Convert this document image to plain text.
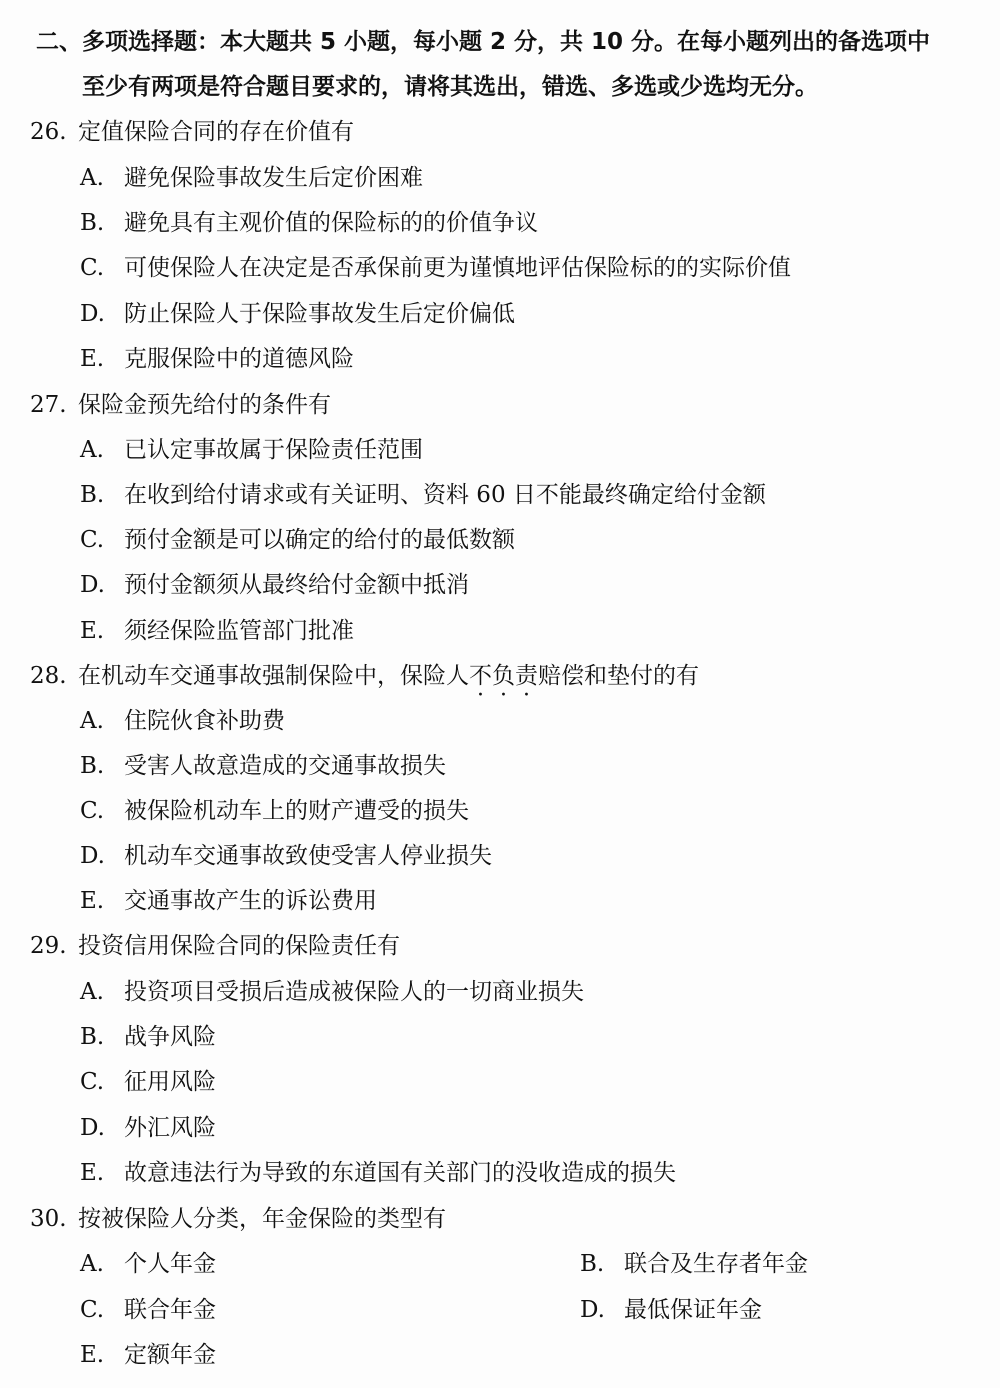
二、多项选择题：本大题共 5 小题，每小题 2 分，共 10 分。在每小题列出的备选项中
至少有两项是符合题目要求的，请将其选出，错选、多选或少选均无分。
26. 定值保险合同的存在价值有
A. 避免保险事故发生后定价困难
B. 避免具有主观价值的保险标的的价值争议
C. 可使保险人在决定是否承保前更为谨慎地评估保险标的的实际价值
D. 防止保险人于保险事故发生后定价偏低
E. 克服保险中的道德风险
27. 保险金预先给付的条件有
A. 已认定事故属于保险责任范围
B. 在收到给付请求或有关证明、资料 60 日不能最终确定给付金额
C. 预付金额是可以确定的给付的最低数额
D. 预付金额须从最终给付金额中抵消
E. 须经保险监管部门批准
28. 在机动车交通事故强制保险中，保险人不负责赔偿和垫付的有
A. 住院伙食补助费
B. 受害人故意造成的交通事故损失
C. 被保险机动车上的财产遭受的损失
D. 机动车交通事故致使受害人停业损失
E. 交通事故产生的诉讼费用
29. 投资信用保险合同的保险责任有
A. 投资项目受损后造成被保险人的一切商业损失
B. 战争风险
C. 征用风险
D. 外汇风险
E. 故意违法行为导致的东道国有关部门的没收造成的损失
30. 按被保险人分类，年金保险的类型有
A. 个人年金	B. 联合及生存者年金
C. 联合年金	D. 最低保证年金
E. 定额年金
